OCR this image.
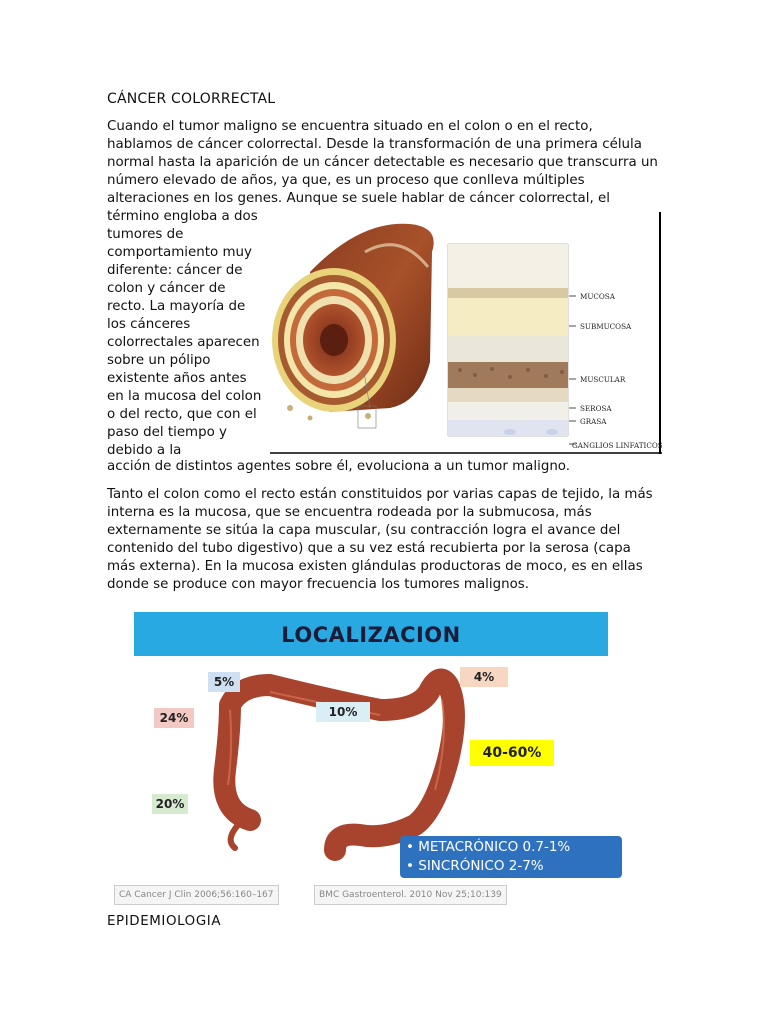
CÁNCER COLORRECTAL

Cuando el tumor maligno se encuentra situado en el colon o en el recto, hablamos de cáncer colorrectal. Desde la transformación de una primera célula normal hasta la aparición de un cáncer detectable es necesario que transcurra un número elevado de años, ya que, es un proceso que conlleva múltiples alteraciones en los genes. Aunque se suele hablar de cáncer colorrectal, el

término engloba a dos tumores de comportamiento muy diferente: cáncer de colon y cáncer de recto. La mayoría de los cánceres colorrectales aparecen sobre un pólipo existente años antes en la mucosa del colon o del recto, que con el paso del tiempo y debido a la

acción de distintos agentes sobre él, evoluciona a un tumor maligno.

Tanto el colon como el recto están constituidos por varias capas de tejido, la más interna es la mucosa, que se encuentra rodeada por la submucosa, más externamente se sitúa la capa muscular, (su contracción logra el avance del contenido del tubo digestivo) que a su vez está recubierta por la serosa (capa más externa). En la mucosa existen glándulas productoras de moco, es en ellas donde se produce con mayor frecuencia los tumores malignos.

MUCOSA
SUBMUCOSA
MUSCULAR
SEROSA
GRASA
GANGLIOS LINFATICOS
LOCALIZACION
20%
24%
5%
10%
4%
40-60%
• METACRÓNICO 0.7-1%
• SINCRÓNICO 2-7%
CA Cancer J Clin 2006;56:160–167	BMC Gastroenterol. 2010 Nov 25;10:139
EPIDEMIOLOGIA
